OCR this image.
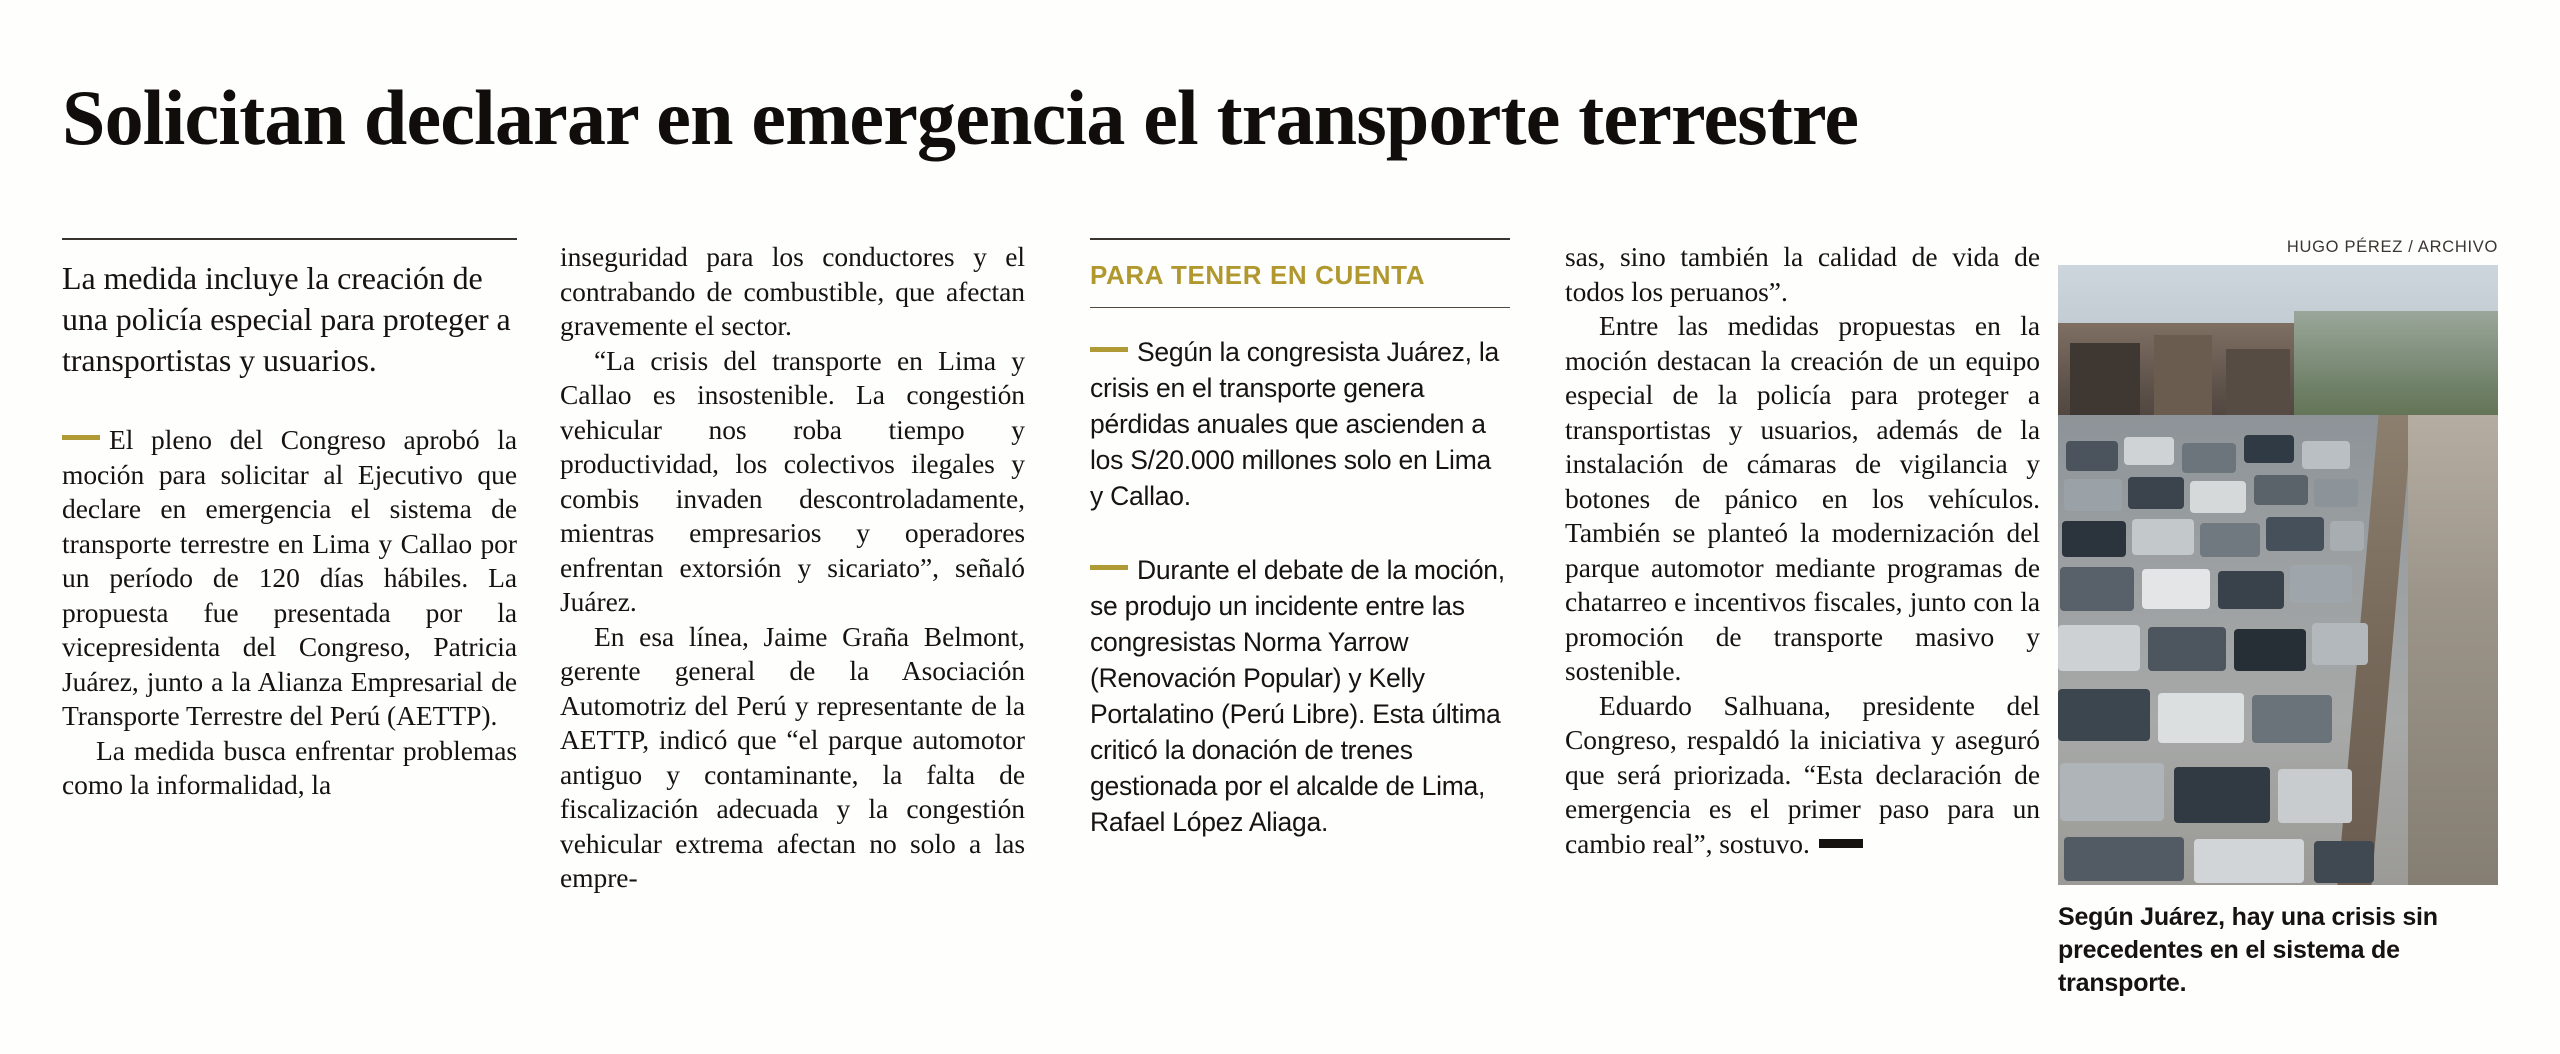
Solicitan declarar en emergencia el transporte terrestre

La medida incluye la creación de una policía especial para proteger a transportistas y usuarios.

El pleno del Congreso aprobó la moción para solicitar al Ejecutivo que declare en emergencia el sistema de transporte terrestre en Lima y Callao por un período de 120 días hábiles. La propuesta fue presentada por la vicepresidenta del Congreso, Patricia Juárez, junto a la Alianza Empresarial de Transporte Terrestre del Perú (AETTP).

La medida busca enfrentar problemas como la informalidad, la

inseguridad para los conductores y el contrabando de combustible, que afectan gravemente el sector.

“La crisis del transporte en Lima y Callao es insostenible. La congestión vehicular nos roba tiempo y productividad, los colectivos ilegales y combis invaden descontroladamente, mientras empresarios y operadores enfrentan extorsión y sicariato”, señaló Juárez.

En esa línea, Jaime Graña Belmont, gerente general de la Asociación Automotriz del Perú y representante de la AETTP, indicó que “el parque automotor antiguo y contaminante, la falta de fiscalización adecuada y la congestión vehicular extrema afectan no solo a las empre-

PARA TENER EN CUENTA

Según la congresista Juárez, la crisis en el transporte genera pérdidas anuales que ascienden a los S/20.000 millones solo en Lima y Callao.

Durante el debate de la moción, se produjo un incidente entre las congresistas Norma Yarrow (Renovación Popular) y Kelly Portalatino (Perú Libre). Esta última criticó la donación de trenes gestionada por el alcalde de Lima, Rafael López Aliaga.

sas, sino también la calidad de vida de todos los peruanos”.

Entre las medidas propuestas en la moción destacan la creación de un equipo especial de la policía para proteger a transportistas y usuarios, además de la instalación de cámaras de vigilancia y botones de pánico en los vehículos. También se planteó la modernización del parque automotor mediante programas de chatarreo e incentivos fiscales, junto con la promoción de transporte masivo y sostenible.

Eduardo Salhuana, presidente del Congreso, respaldó la iniciativa y aseguró que será priorizada. “Esta declaración de emergencia es el primer paso para un cambio real”, sostuvo.

HUGO PÉREZ / ARCHIVO

Según Juárez, hay una crisis sin precedentes en el sistema de transporte.
